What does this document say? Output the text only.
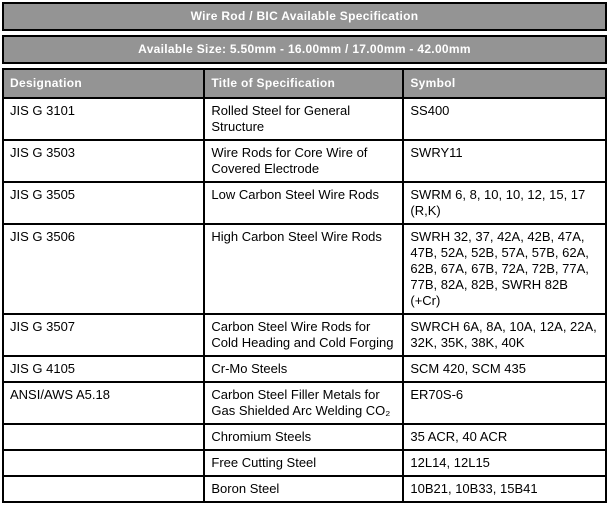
Wire Rod / BIC Available Specification
Available Size: 5.50mm - 16.00mm / 17.00mm - 42.00mm
Designation	Title of Specification	Symbol
JIS G 3101	Rolled Steel for General Structure	SS400
JIS G 3503	Wire Rods for Core Wire of Covered Electrode	SWRY11
JIS G 3505	Low Carbon Steel Wire Rods	SWRM 6, 8, 10, 10, 12, 15, 17 (R,K)
JIS G 3506	High Carbon Steel Wire Rods	SWRH 32, 37, 42A, 42B, 47A, 47B, 52A, 52B, 57A, 57B, 62A, 62B, 67A, 67B, 72A, 72B, 77A, 77B, 82A, 82B, SWRH 82B (+Cr)
JIS G 3507	Carbon Steel Wire Rods for Cold Heading and Cold Forging	SWRCH 6A, 8A, 10A, 12A, 22A, 32K, 35K, 38K, 40K
JIS G 4105	Cr-Mo Steels	SCM 420, SCM 435
ANSI/AWS A5.18	Carbon Steel Filler Metals for Gas Shielded Arc Welding CO₂	ER70S-6
	Chromium Steels	35 ACR, 40 ACR
	Free Cutting Steel	12L14, 12L15
	Boron Steel	10B21, 10B33, 15B41
